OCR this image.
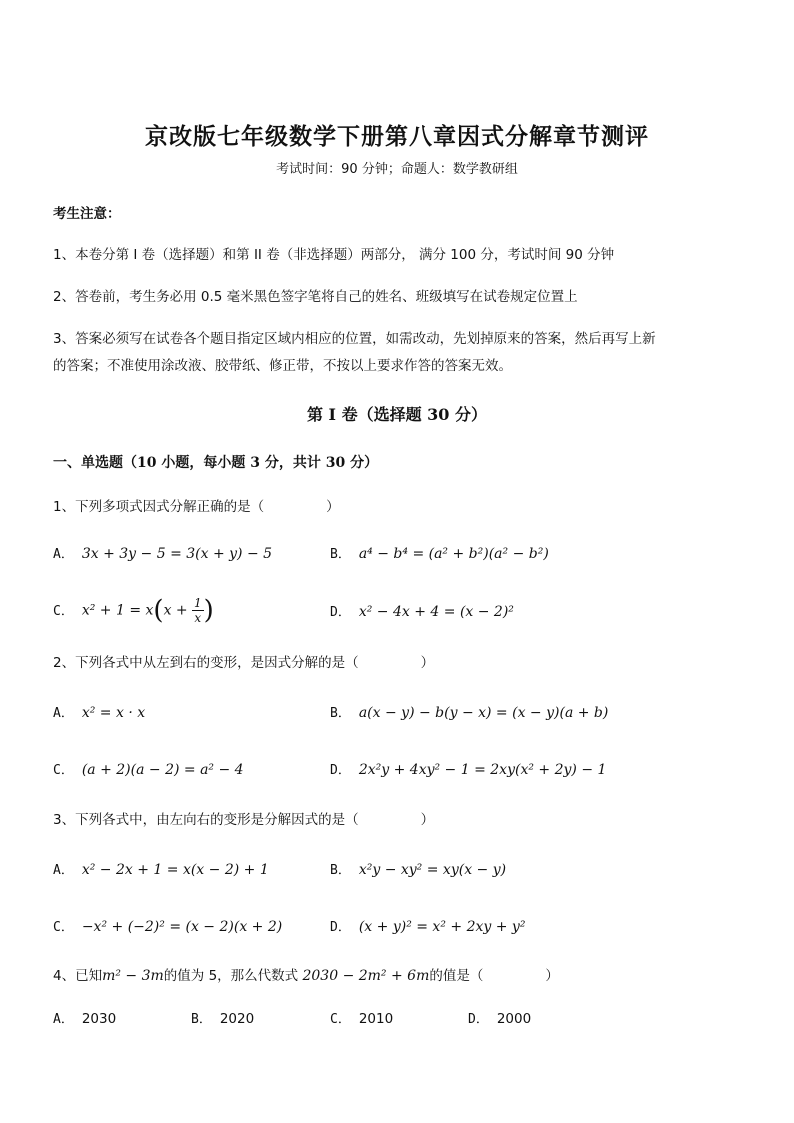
京改版七年级数学下册第八章因式分解章节测评
考试时间：90 分钟；命题人：数学教研组
考生注意：
1、本卷分第 I 卷（选择题）和第 II 卷（非选择题）两部分， 满分 100 分，考试时间 90 分钟
2、答卷前，考生务必用 0.5 毫米黑色签字笔将自己的姓名、班级填写在试卷规定位置上
3、答案必须写在试卷各个题目指定区域内相应的位置，如需改动，先划掉原来的答案，然后再写上新
的答案；不准使用涂改液、胶带纸、修正带，不按以上要求作答的答案无效。
第 I 卷（选择题 30 分）
一、单选题（10 小题，每小题 3 分，共计 30 分）
1、下列多项式因式分解正确的是（	）
A． 3x + 3y − 5 = 3(x + y) − 5	B． a⁴ − b⁴ = (a² + b²)(a² − b²)
C． $x^2 + 1 = x(x + \frac{1}{x}$ )	D． x² − 4x + 4 = (x − 2)²
2、下列各式中从左到右的变形，是因式分解的是（	）
A． x² = x · x	B． a(x − y) − b(y − x) = (x − y)(a + b)
C． (a + 2)(a − 2) = a² − 4	D． 2x²y + 4xy² − 1 = 2xy(x² + 2y) − 1
3、下列各式中，由左向右的变形是分解因式的是（	）
A． x² − 2x + 1 = x(x − 2) + 1	B． x²y − xy² = xy(x − y)
C． −x² + (−2)² = (x − 2)(x + 2)	D． (x + y)² = x² + 2xy + y²
4、已知m² − 3m的值为 5，那么代数式 2030 − 2m² + 6m的值是（	）
A． 2030	B． 2020	C． 2010	D． 2000
